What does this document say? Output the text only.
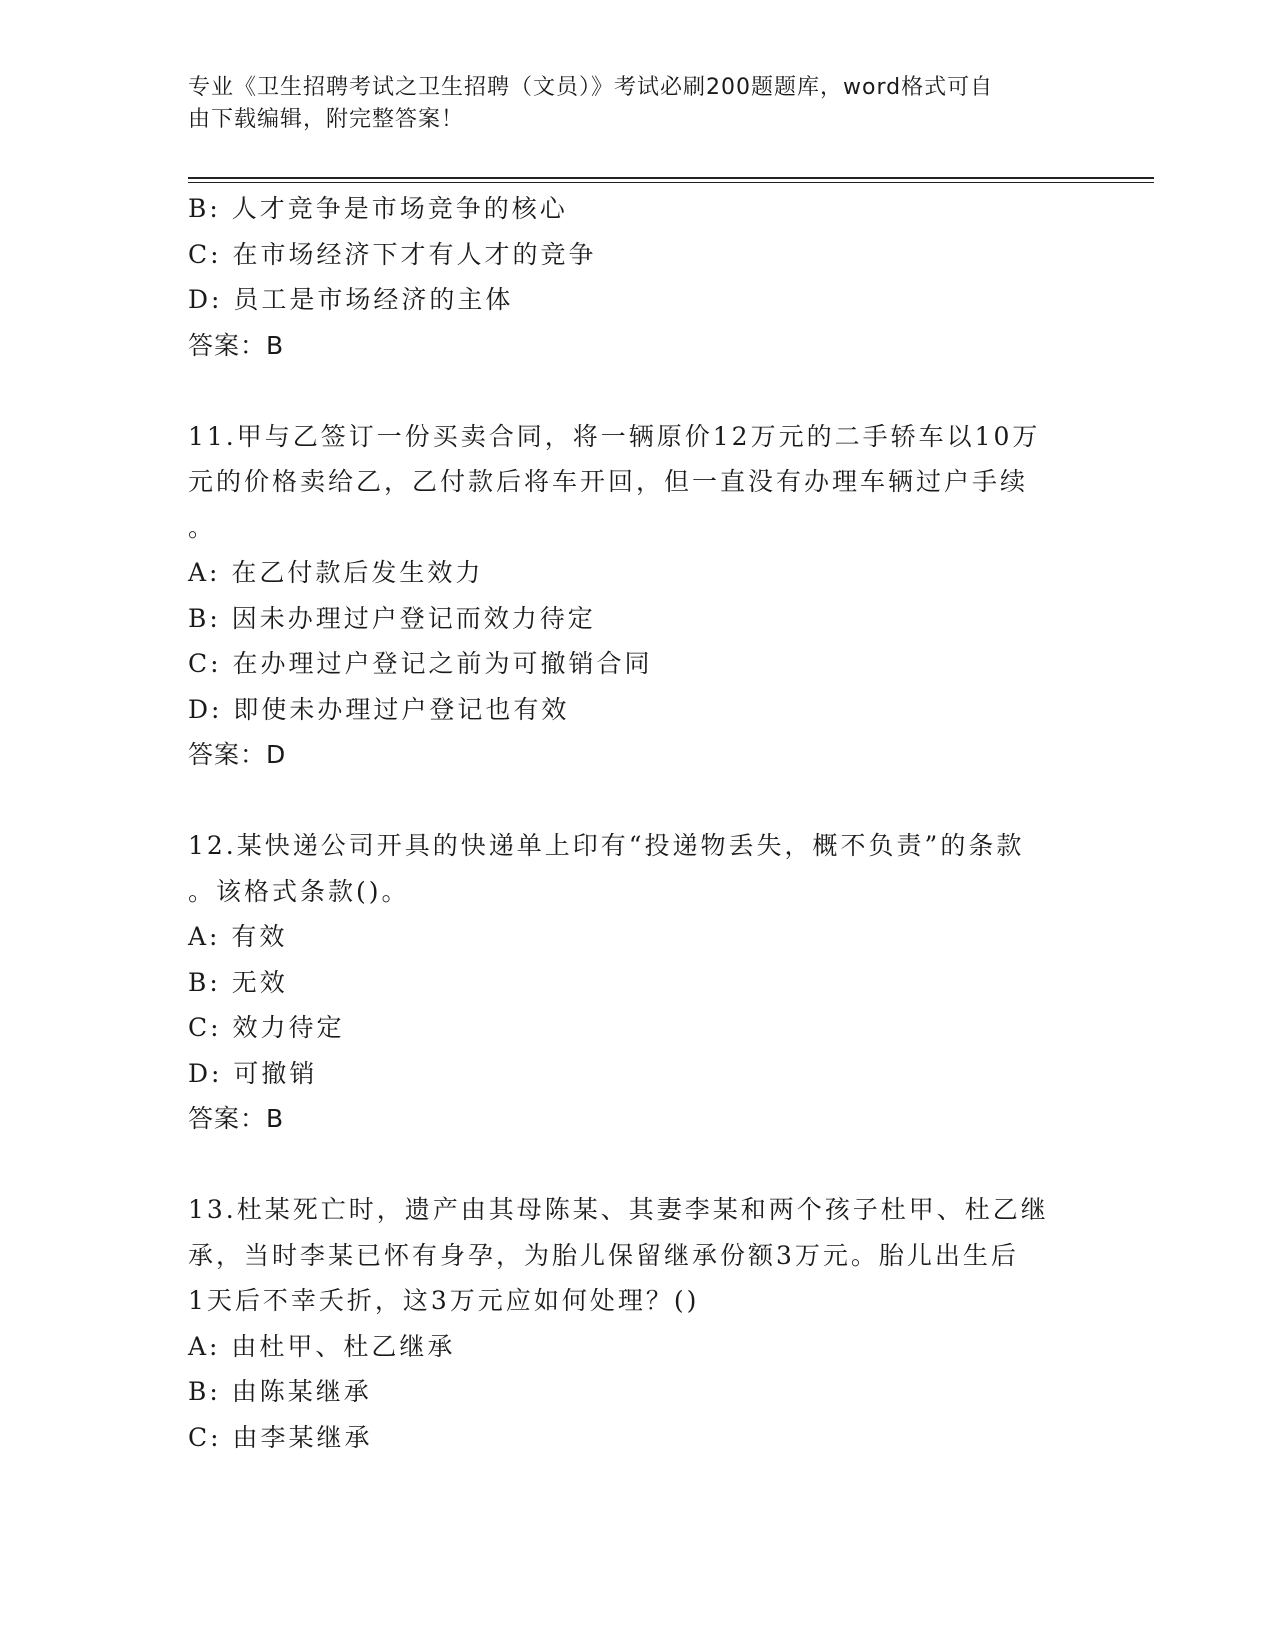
专业《卫生招聘考试之卫生招聘（文员）》考试必刷200题题库，word格式可自
由下载编辑，附完整答案！
B: 人才竞争是市场竞争的核心
C: 在市场经济下才有人才的竞争
D: 员工是市场经济的主体
答案：B
11.甲与乙签订一份买卖合同，将一辆原价12万元的二手轿车以10万
元的价格卖给乙，乙付款后将车开回，但一直没有办理车辆过户手续
。
A: 在乙付款后发生效力
B: 因未办理过户登记而效力待定
C: 在办理过户登记之前为可撤销合同
D: 即使未办理过户登记也有效
答案：D
12.某快递公司开具的快递单上印有“投递物丢失，概不负责”的条款
。该格式条款()。
A: 有效
B: 无效
C: 效力待定
D: 可撤销
答案：B
13.杜某死亡时，遗产由其母陈某、其妻李某和两个孩子杜甲、杜乙继
承，当时李某已怀有身孕，为胎儿保留继承份额3万元。胎儿出生后
1天后不幸夭折，这3万元应如何处理？()
A: 由杜甲、杜乙继承
B: 由陈某继承
C: 由李某继承
